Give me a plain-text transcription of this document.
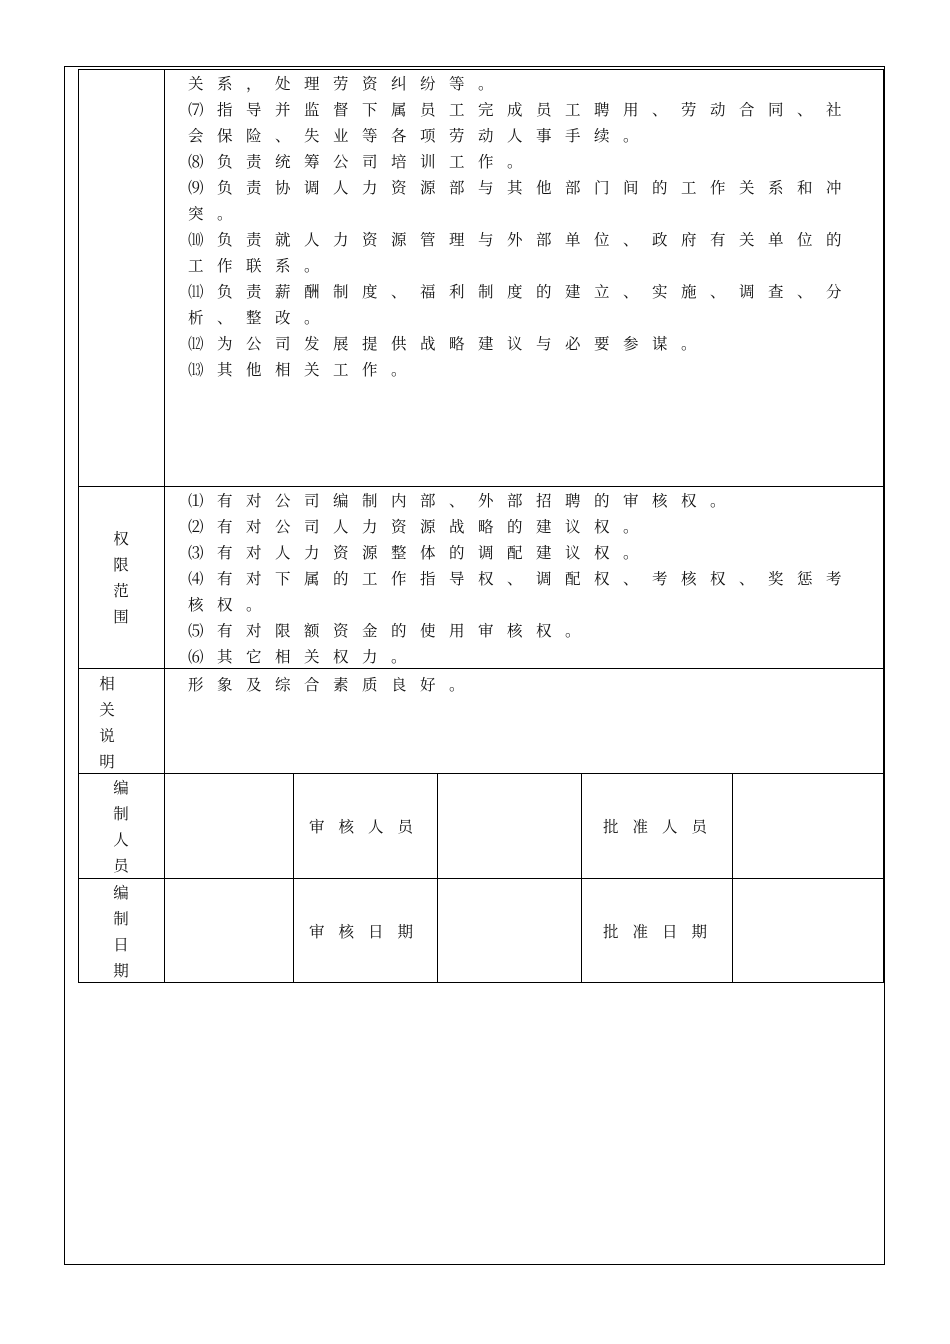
关系，处理劳资纠纷等。
⑺指导并监督下属员工完成员工聘用、劳动合同、社
会保险、失业等各项劳动人事手续。
⑻负责统筹公司培训工作。
⑼负责协调人力资源部与其他部门间的工作关系和冲
突。
⑽负责就人力资源管理与外部单位、政府有关单位的
工作联系。
⑾负责薪酬制度、福利制度的建立、实施、调查、分
析、整改。
⑿为公司发展提供战略建议与必要参谋。
⒀其他相关工作。
权
限
范
围
⑴有对公司编制内部、外部招聘的审核权。
⑵有对公司人力资源战略的建议权。
⑶有对人力资源整体的调配建议权。
⑷有对下属的工作指导权、调配权、考核权、奖惩考
核权。
⑸有对限额资金的使用审核权。
⑹其它相关权力。
相
关
说
明
形象及综合素质良好。
编
制
人
员
审核人员	批准人员
编
制
日
期
审核日期	批准日期
